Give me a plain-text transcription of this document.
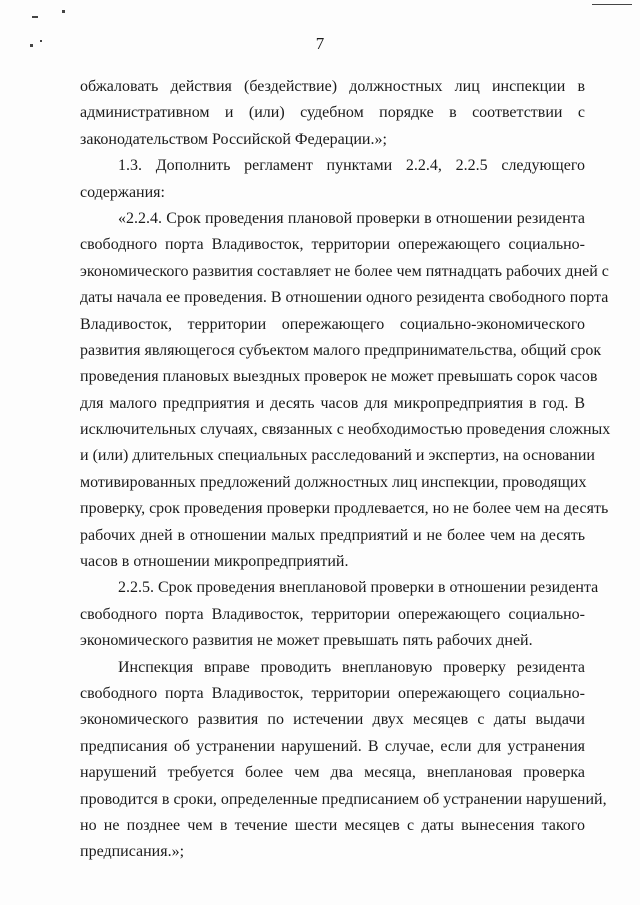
7
обжаловать действия (бездействие) должностных лиц инспекции в
административном и (или) судебном порядке в соответствии с
законодательством Российской Федерации.»;
1.3. Дополнить регламент пунктами 2.2.4, 2.2.5 следующего
содержания:
«2.2.4. Срок проведения плановой проверки в отношении резидента
свободного порта Владивосток, территории опережающего социально-
экономического развития составляет не более чем пятнадцать рабочих дней с
даты начала ее проведения. В отношении одного резидента свободного порта
Владивосток, территории опережающего социально-экономического
развития являющегося субъектом малого предпринимательства, общий срок
проведения плановых выездных проверок не может превышать сорок часов
для малого предприятия и десять часов для микропредприятия в год. В
исключительных случаях, связанных с необходимостью проведения сложных
и (или) длительных специальных расследований и экспертиз, на основании
мотивированных предложений должностных лиц инспекции, проводящих
проверку, срок проведения проверки продлевается, но не более чем на десять
рабочих дней в отношении малых предприятий и не более чем на десять
часов в отношении микропредприятий.
2.2.5. Срок проведения внеплановой проверки в отношении резидента
свободного порта Владивосток, территории опережающего социально-
экономического развития не может превышать пять рабочих дней.
Инспекция вправе проводить внеплановую проверку резидента
свободного порта Владивосток, территории опережающего социально-
экономического развития по истечении двух месяцев с даты выдачи
предписания об устранении нарушений. В случае, если для устранения
нарушений требуется более чем два месяца, внеплановая проверка
проводится в сроки, определенные предписанием об устранении нарушений,
но не позднее чем в течение шести месяцев с даты вынесения такого
предписания.»;
